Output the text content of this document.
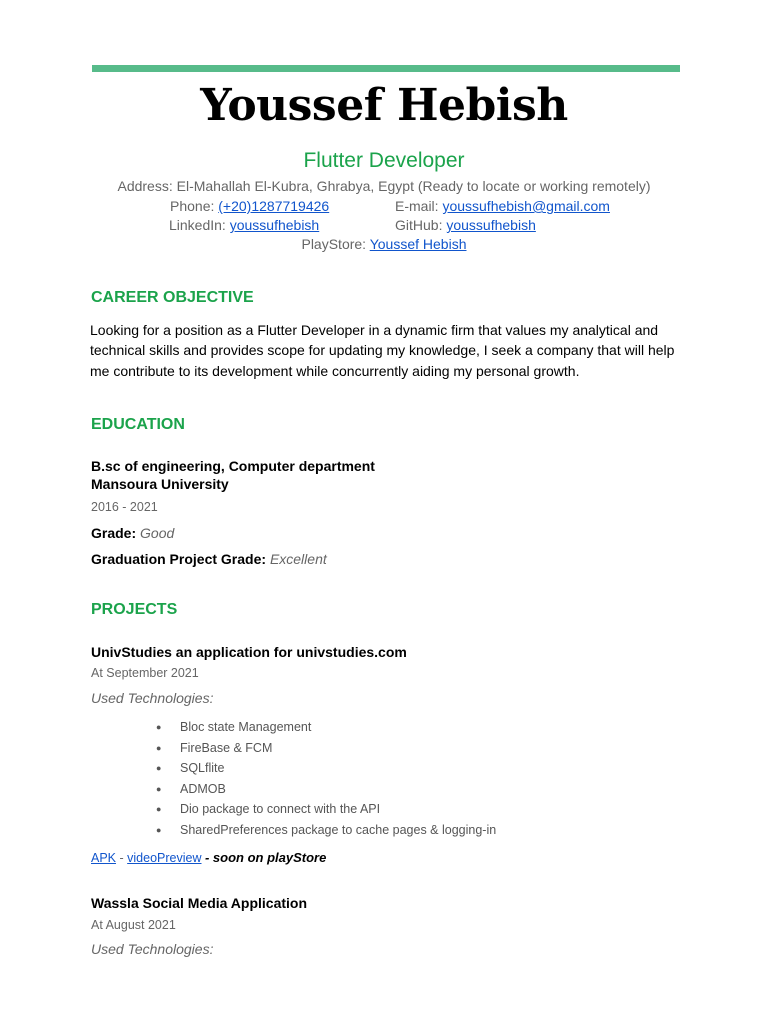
Youssef Hebish
Flutter Developer
Address: El-Mahallah El-Kubra, Ghrabya, Egypt (Ready to locate or working remotely)
Phone: (+20)1287719426	E-mail: youssufhebish@gmail.com
LinkedIn: youssufhebish	GitHub: youssufhebish
PlayStore: Youssef Hebish
CAREER OBJECTIVE
Looking for a position as a Flutter Developer in a dynamic firm that values my analytical and technical skills and provides scope for updating my knowledge, I seek a company that will help me contribute to its development while concurrently aiding my personal growth.
EDUCATION
B.sc of engineering, Computer department
Mansoura University
2016 - 2021
Grade: Good
Graduation Project Grade: Excellent
PROJECTS
UnivStudies an application for univstudies.com
At September 2021
Used Technologies:
● Bloc state Management
● FireBase & FCM
● SQLflite
● ADMOB
● Dio package to connect with the API
● SharedPreferences package to cache pages & logging-in
APK - videoPreview - soon on playStore
Wassla Social Media Application
At August 2021
Used Technologies:
